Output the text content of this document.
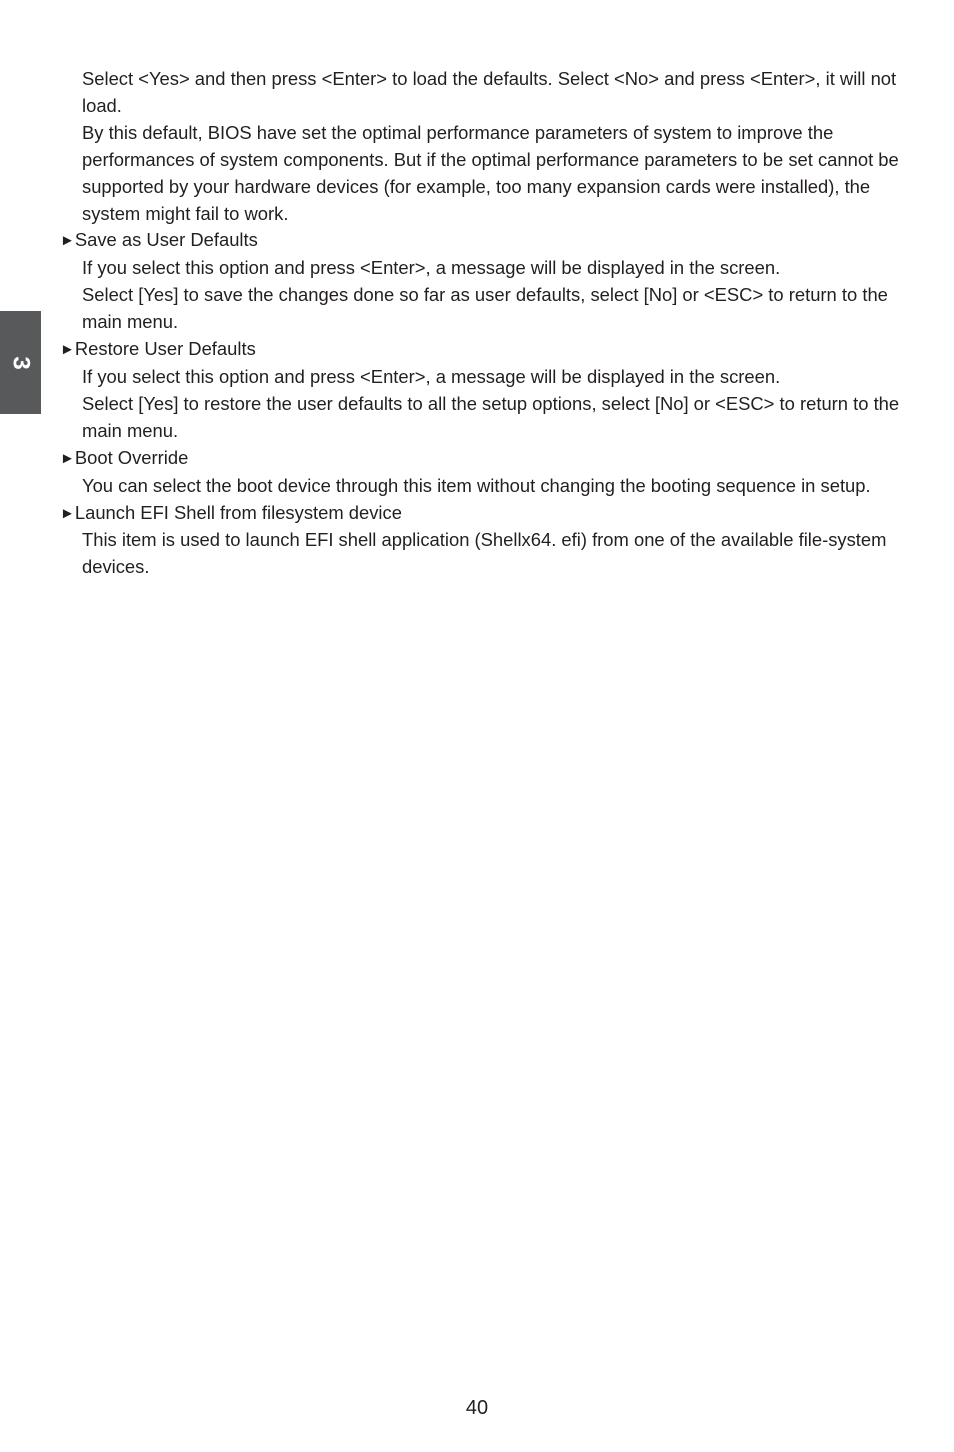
3

Select <Yes> and then press <Enter> to load the defaults. Select <No> and press <Enter>, it will not load.

By this default, BIOS have set the optimal performance parameters of system to improve the performances of system components. But if the optimal performance parameters to be set cannot be supported by your hardware devices (for example, too many expansion cards were installed), the system might fail to work.

►Save as User Defaults

If you select this option and press <Enter>, a message will be displayed in the screen.

Select [Yes] to save the changes done so far as user defaults, select [No] or <ESC> to return to the main menu.

►Restore User Defaults

If you select this option and press <Enter>, a message will be displayed in the screen.

Select [Yes] to restore the user defaults to all the setup options, select [No] or <ESC> to return to the main menu.

►Boot Override

You can select the boot device through this item without changing the booting sequence in setup.

►Launch EFI Shell from filesystem device

This item is used to launch EFI shell application (Shellx64. efi) from one of the available file-system devices.

40
